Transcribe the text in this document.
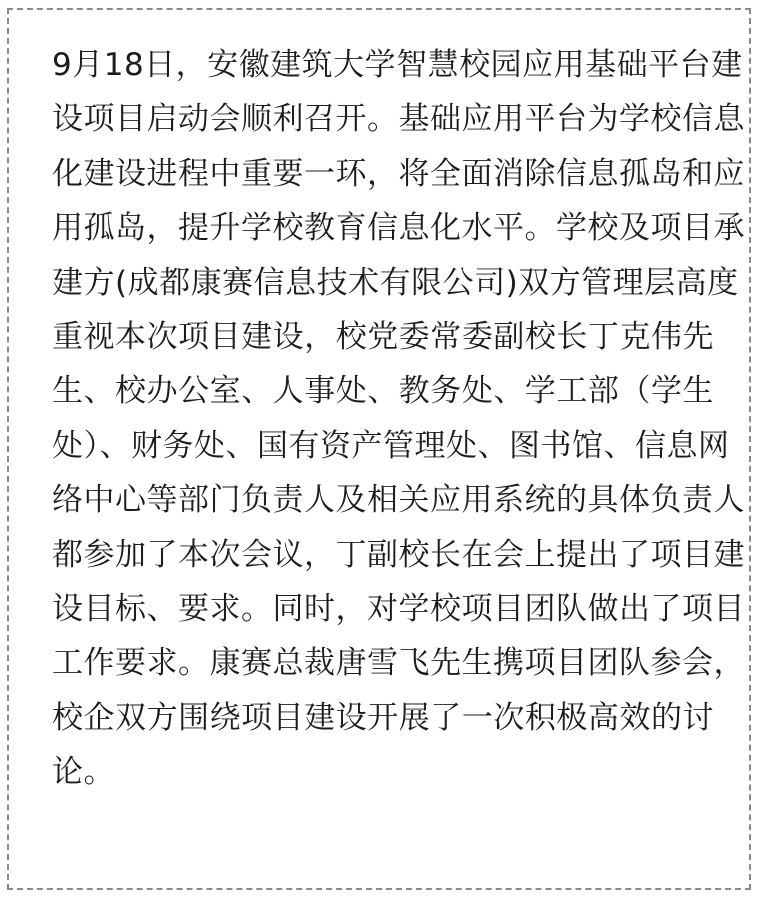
9月18日，安徽建筑大学智慧校园应用基础平台建
设项目启动会顺利召开。基础应用平台为学校信息
化建设进程中重要一环，将全面消除信息孤岛和应
用孤岛，提升学校教育信息化水平。学校及项目承
建方(成都康赛信息技术有限公司)双方管理层高度
重视本次项目建设，校党委常委副校长丁克伟先
生、校办公室、人事处、教务处、学工部（学生
处）、财务处、国有资产管理处、图书馆、信息网
络中心等部门负责人及相关应用系统的具体负责人
都参加了本次会议，丁副校长在会上提出了项目建
设目标、要求。同时，对学校项目团队做出了项目
工作要求。康赛总裁唐雪飞先生携项目团队参会，
校企双方围绕项目建设开展了一次积极高效的讨
论。
